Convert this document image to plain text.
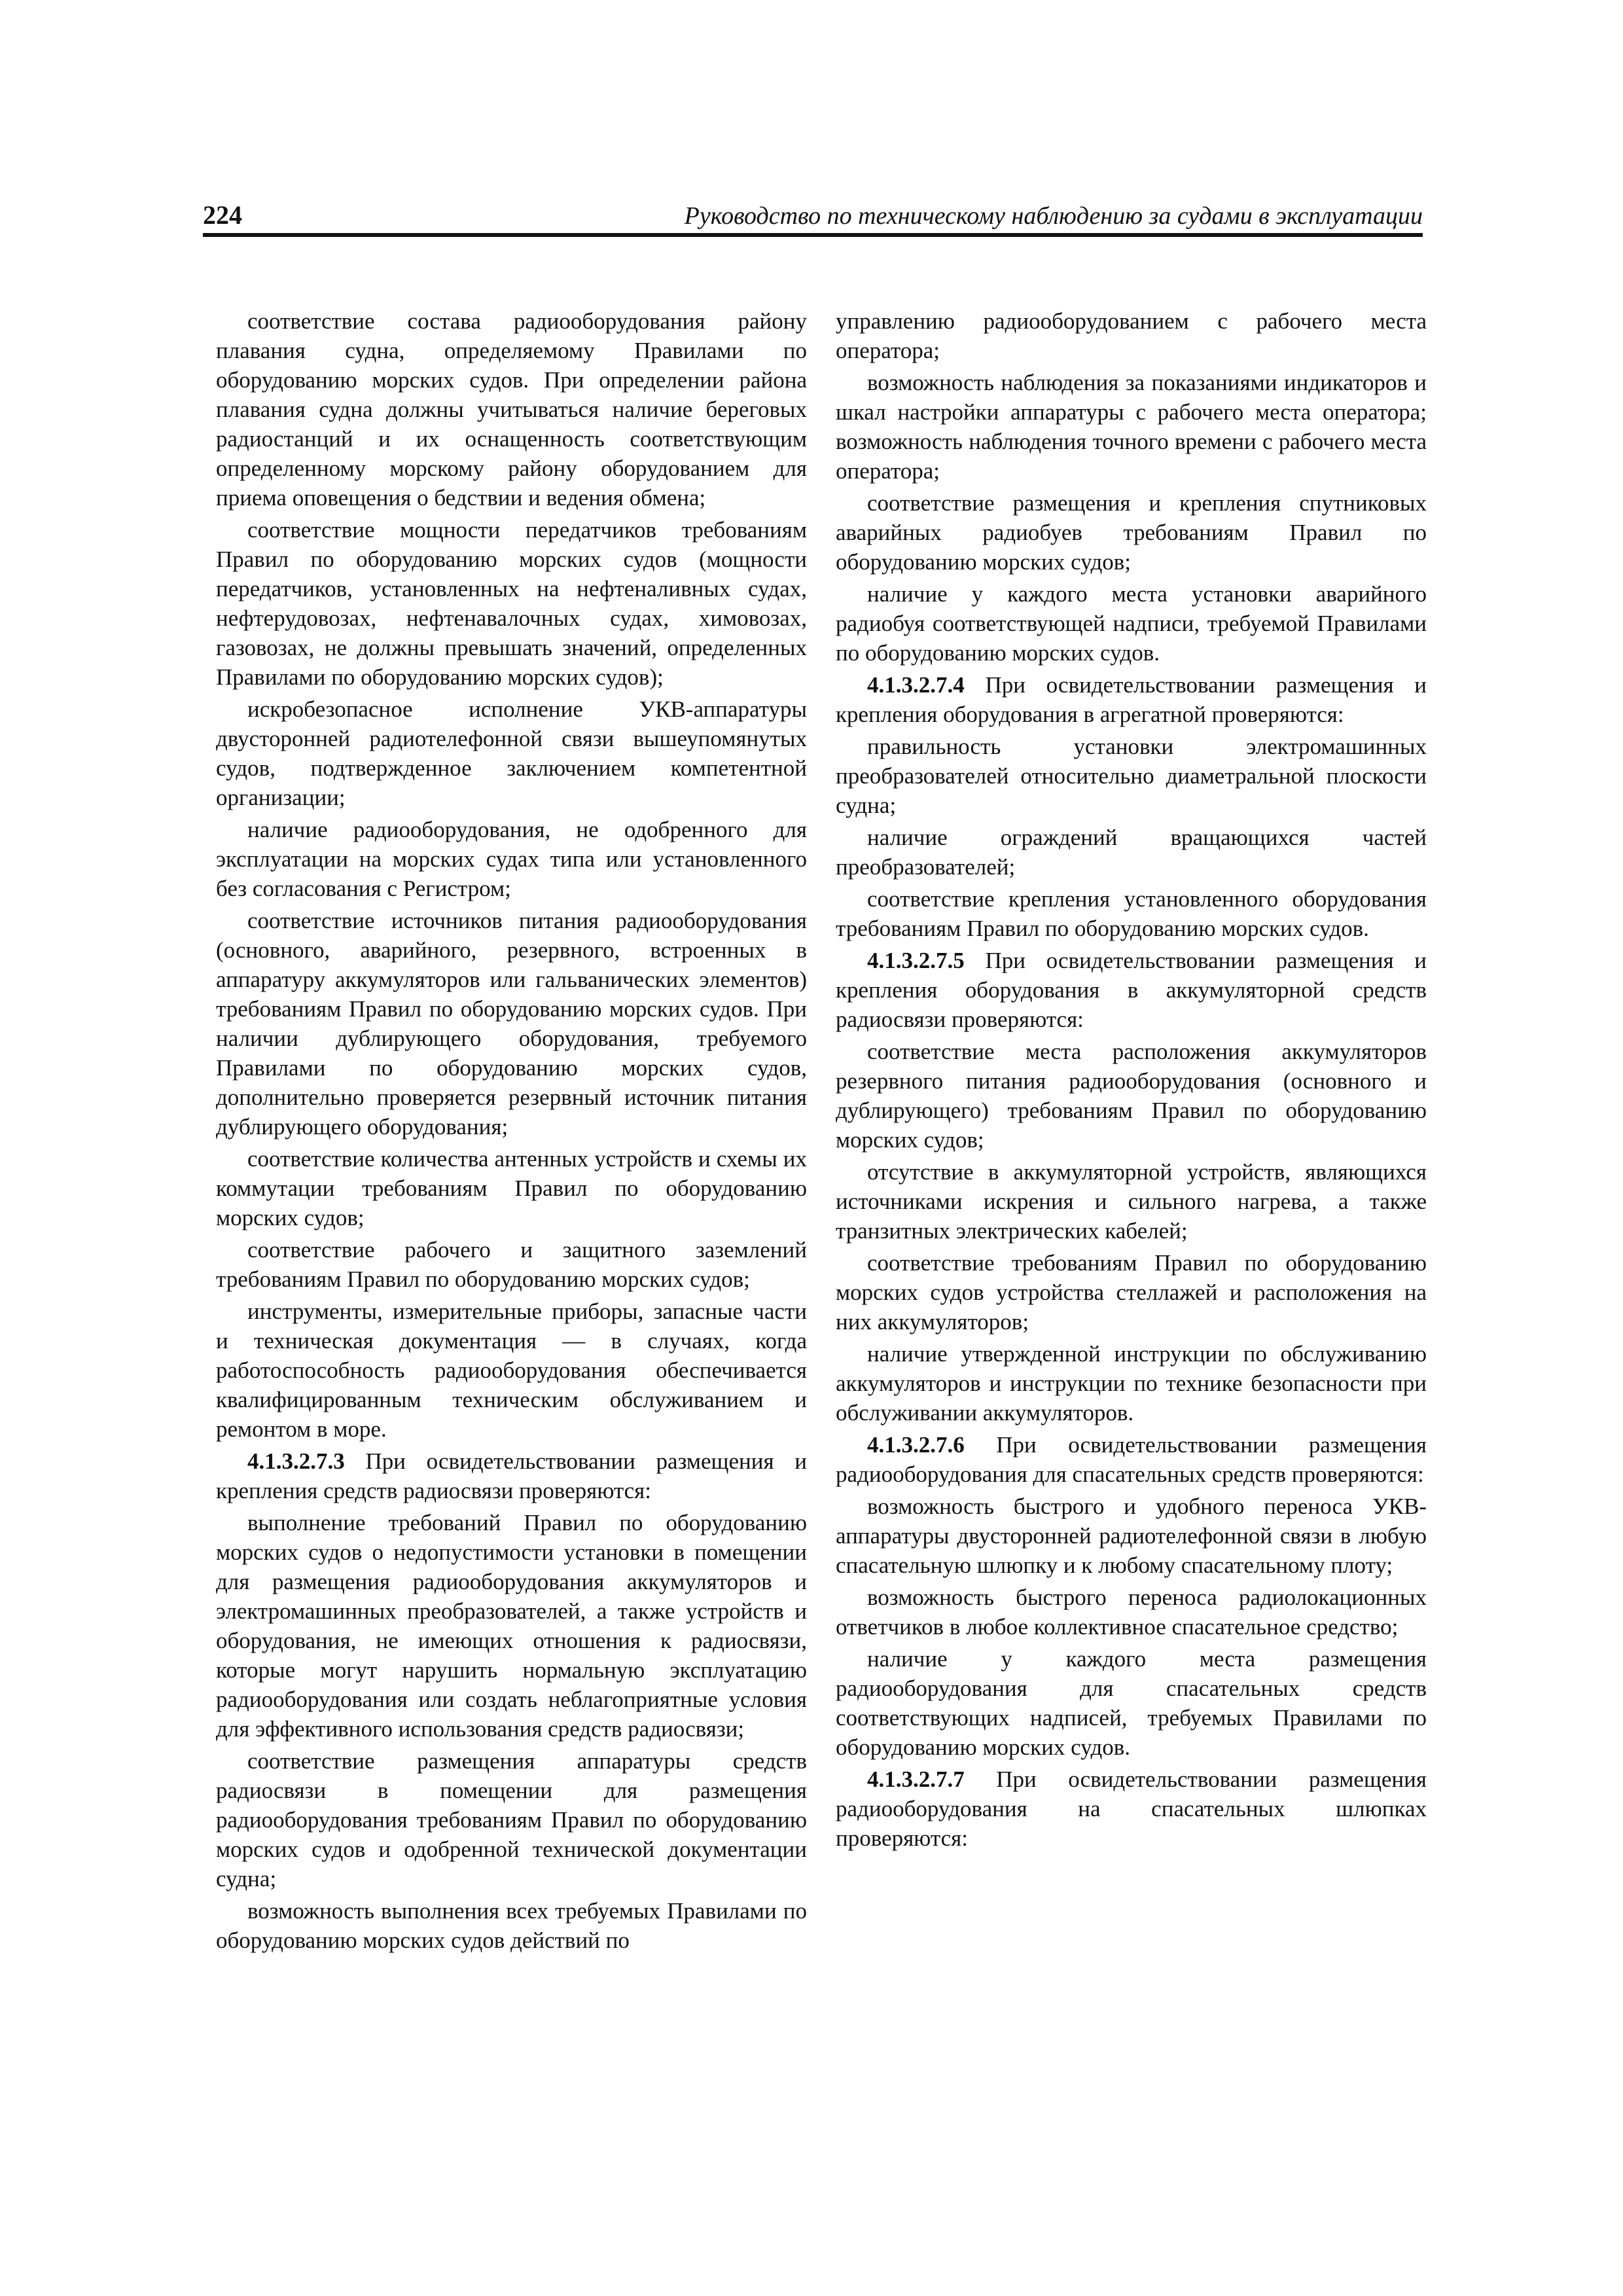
224	Руководство по техническому наблюдению за судами в эксплуатации

соответствие состава радиооборудования району плавания судна, определяемому Правилами по оборудованию морских судов. При определении района плавания судна должны учитываться наличие береговых радиостанций и их оснащенность соответствующим определенному морскому району оборудованием для приема оповещения о бедствии и ведения обмена;

соответствие мощности передатчиков требованиям Правил по оборудованию морских судов (мощности передатчиков, установленных на нефтеналивных судах, нефтерудовозах, нефтенавалочных судах, химовозах, газовозах, не должны превышать значений, определенных Правилами по оборудованию морских судов);

искробезопасное исполнение УКВ-аппаратуры двусторонней радиотелефонной связи вышеупомянутых судов, подтвержденное заключением компетентной организации;

наличие радиооборудования, не одобренного для эксплуатации на морских судах типа или установленного без согласования с Регистром;

соответствие источников питания радиооборудования (основного, аварийного, резервного, встроенных в аппаратуру аккумуляторов или гальванических элементов) требованиям Правил по оборудованию морских судов. При наличии дублирующего оборудования, требуемого Правилами по оборудованию морских судов, дополнительно проверяется резервный источник питания дублирующего оборудования;

соответствие количества антенных устройств и схемы их коммутации требованиям Правил по оборудованию морских судов;

соответствие рабочего и защитного заземлений требованиям Правил по оборудованию морских судов;

инструменты, измерительные приборы, запасные части и техническая документация — в случаях, когда работоспособность радиооборудования обеспечивается квалифицированным техническим обслуживанием и ремонтом в море.

4.1.3.2.7.3 При освидетельствовании размещения и крепления средств радиосвязи проверяются:

выполнение требований Правил по оборудованию морских судов о недопустимости установки в помещении для размещения радиооборудования аккумуляторов и электромашинных преобразователей, а также устройств и оборудования, не имеющих отношения к радиосвязи, которые могут нарушить нормальную эксплуатацию радиооборудования или создать неблагоприятные условия для эффективного использования средств радиосвязи;

соответствие размещения аппаратуры средств радиосвязи в помещении для размещения радиооборудования требованиям Правил по оборудованию морских судов и одобренной технической документации судна;

возможность выполнения всех требуемых Правилами по оборудованию морских судов действий по

управлению радиооборудованием с рабочего места оператора;

возможность наблюдения за показаниями индикаторов и шкал настройки аппаратуры с рабочего места оператора; возможность наблюдения точного времени с рабочего места оператора;

соответствие размещения и крепления спутниковых аварийных радиобуев требованиям Правил по оборудованию морских судов;

наличие у каждого места установки аварийного радиобуя соответствующей надписи, требуемой Правилами по оборудованию морских судов.

4.1.3.2.7.4 При освидетельствовании размещения и крепления оборудования в агрегатной проверяются:

правильность установки электромашинных преобразователей относительно диаметральной плоскости судна;

наличие ограждений вращающихся частей преобразователей;

соответствие крепления установленного оборудования требованиям Правил по оборудованию морских судов.

4.1.3.2.7.5 При освидетельствовании размещения и крепления оборудования в аккумуляторной средств радиосвязи проверяются:

соответствие места расположения аккумуляторов резервного питания радиооборудования (основного и дублирующего) требованиям Правил по оборудованию морских судов;

отсутствие в аккумуляторной устройств, являющихся источниками искрения и сильного нагрева, а также транзитных электрических кабелей;

соответствие требованиям Правил по оборудованию морских судов устройства стеллажей и расположения на них аккумуляторов;

наличие утвержденной инструкции по обслуживанию аккумуляторов и инструкции по технике безопасности при обслуживании аккумуляторов.

4.1.3.2.7.6 При освидетельствовании размещения радиооборудования для спасательных средств проверяются:

возможность быстрого и удобного переноса УКВ-аппаратуры двусторонней радиотелефонной связи в любую спасательную шлюпку и к любому спасательному плоту;

возможность быстрого переноса радиолокационных ответчиков в любое коллективное спасательное средство;

наличие у каждого места размещения радиооборудования для спасательных средств соответствующих надписей, требуемых Правилами по оборудованию морских судов.

4.1.3.2.7.7 При освидетельствовании размещения радиооборудования на спасательных шлюпках проверяются:
